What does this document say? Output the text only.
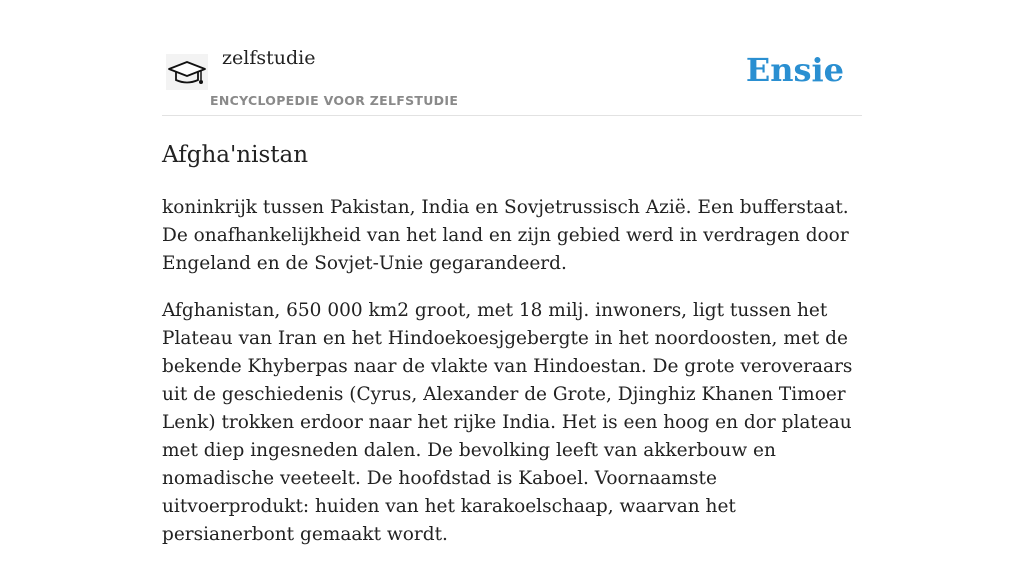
zelfstudie
ENCYCLOPEDIE VOOR ZELFSTUDIE
Ensie
Afgha'nistan

koninkrijk tussen Pakistan, India en Sovjetrussisch Azië. Een bufferstaat. De onafhankelijkheid van het land en zijn gebied werd in verdragen door Engeland en de Sovjet-Unie gegarandeerd.

Afghanistan, 650 000 km2 groot, met 18 milj. inwoners, ligt tussen het Plateau van Iran en het Hindoekoesjgebergte in het noordoosten, met de bekende Khyberpas naar de vlakte van Hindoestan. De grote veroveraars uit de geschiedenis (Cyrus, Alexander de Grote, Djinghiz Khanen Timoer Lenk) trokken erdoor naar het rijke India. Het is een hoog en dor plateau met diep ingesneden dalen. De bevolking leeft van akkerbouw en nomadische veeteelt. De hoofdstad is Kaboel. Voornaamste uitvoerprodukt: huiden van het karakoelschaap, waarvan het persianerbont gemaakt wordt.
